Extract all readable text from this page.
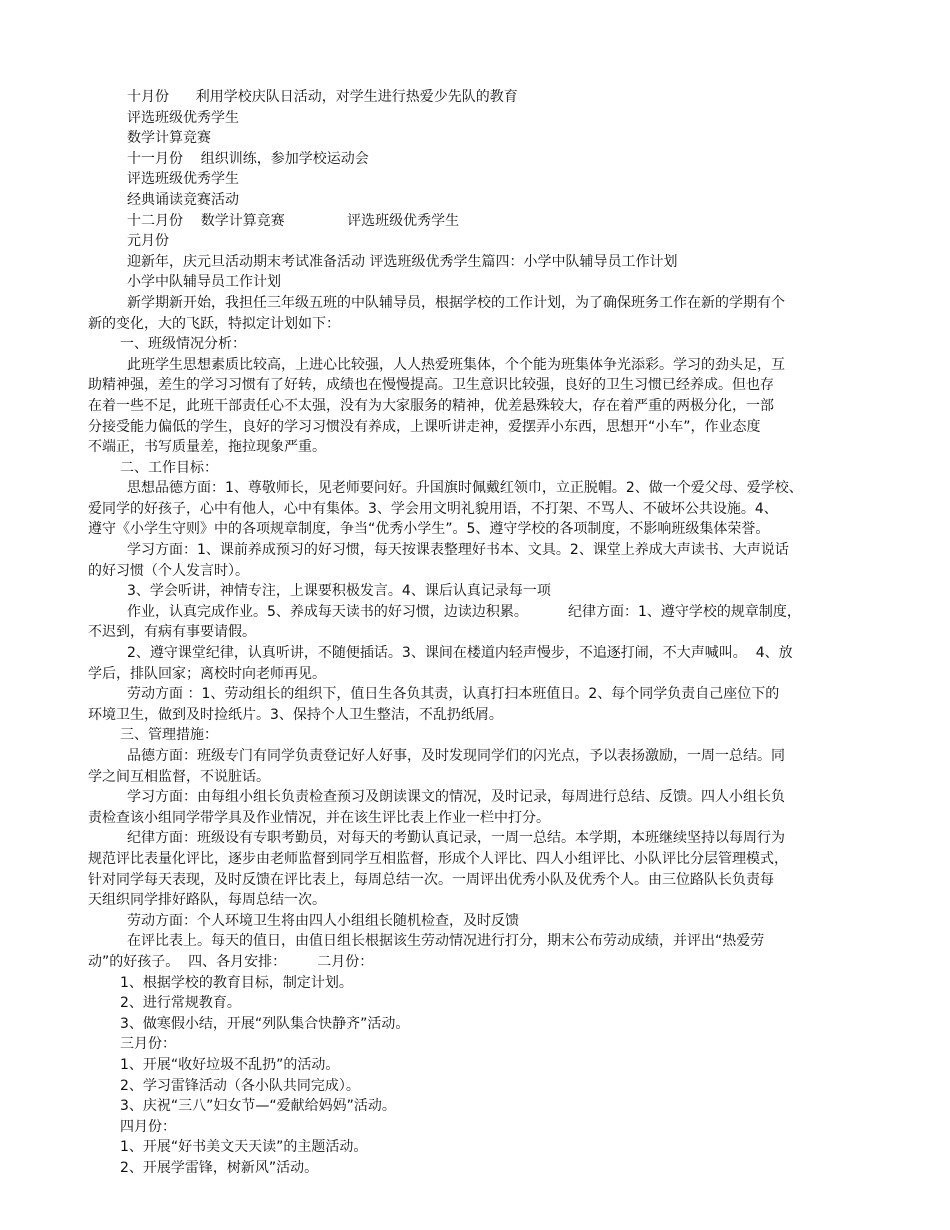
十月份      利用学校庆队日活动，对学生进行热爱少先队的教育
评选班级优秀学生
数学计算竞赛
十一月份    组织训练，参加学校运动会
评选班级优秀学生
经典诵读竞赛活动
十二月份    数学计算竞赛              评选班级优秀学生
元月份
迎新年，庆元旦活动期末考试准备活动 评选班级优秀学生篇四：小学中队辅导员工作计划
小学中队辅导员工作计划
新学期新开始，我担任三年级五班的中队辅导员，根据学校的工作计划，为了确保班务工作在新的学期有个
新的变化，大的飞跃，特拟定计划如下：
一、班级情况分析：
此班学生思想素质比较高，上进心比较强，人人热爱班集体，个个能为班集体争光添彩。学习的劲头足，互
助精神强，差生的学习习惯有了好转，成绩也在慢慢提高。卫生意识比较强，良好的卫生习惯已经养成。但也存
在着一些不足，此班干部责任心不太强，没有为大家服务的精神，优差悬殊较大，存在着严重的两极分化，一部
分接受能力偏低的学生，良好的学习习惯没有养成，上课听讲走神，爱摆弄小东西，思想开“小车”，作业态度
不端正，书写质量差，拖拉现象严重。
二、工作目标：
思想品德方面：1、尊敬师长，见老师要问好。升国旗时佩戴红领巾，立正脱帽。2、做一个爱父母、爱学校、
爱同学的好孩子，心中有他人，心中有集体。3、学会用文明礼貌用语，不打架、不骂人、不破坏公共设施。4、
遵守《小学生守则》中的各项规章制度，争当“优秀小学生”。5、遵守学校的各项制度，不影响班级集体荣誉。
学习方面：1、课前养成预习的好习惯，每天按课表整理好书本、文具。2、课堂上养成大声读书、大声说话
的好习惯（个人发言时）。
3、学会听讲，神情专注，上课要积极发言。4、课后认真记录每一项
作业，认真完成作业。5、养成每天读书的好习惯，边读边积累。         纪律方面：1、遵守学校的规章制度，
不迟到，有病有事要请假。
2、遵守课堂纪律，认真听讲，不随便插话。3、课间在楼道内轻声慢步，不追逐打闹，不大声喊叫。  4、放
学后，排队回家；离校时向老师再见。
劳动方面 ：1、劳动组长的组织下，值日生各负其责，认真打扫本班值日。2、每个同学负责自己座位下的
环境卫生，做到及时捡纸片。3、保持个人卫生整洁，不乱扔纸屑。
三、管理措施：
品德方面：班级专门有同学负责登记好人好事，及时发现同学们的闪光点，予以表扬激励，一周一总结。同
学之间互相监督，不说脏话。
学习方面：由每组小组长负责检查预习及朗读课文的情况，及时记录，每周进行总结、反馈。四人小组长负
责检查该小组同学带学具及作业情况，并在该生评比表上作业一栏中打分。
纪律方面：班级设有专职考勤员，对每天的考勤认真记录，一周一总结。本学期，本班继续坚持以每周行为
规范评比表量化评比，逐步由老师监督到同学互相监督，形成个人评比、四人小组评比、小队评比分层管理模式，
针对同学每天表现，及时反馈在评比表上，每周总结一次。一周评出优秀小队及优秀个人。由三位路队长负责每
天组织同学排好路队，每周总结一次。
劳动方面：个人环境卫生将由四人小组组长随机检查，及时反馈
在评比表上。每天的值日，由值日组长根据该生劳动情况进行打分，期末公布劳动成绩，并评出“热爱劳
动”的好孩子。  四、各月安排：       二月份：
1、根据学校的教育目标，制定计划。
2、进行常规教育。
3、做寒假小结，开展“列队集合快静齐”活动。
三月份：
1、开展“收好垃圾不乱扔”的活动。
2、学习雷锋活动（各小队共同完成）。
3、庆祝“三八”妇女节—“爱献给妈妈”活动。
四月份：
1、开展“好书美文天天读”的主题活动。
2、开展学雷锋，树新风”活动。
